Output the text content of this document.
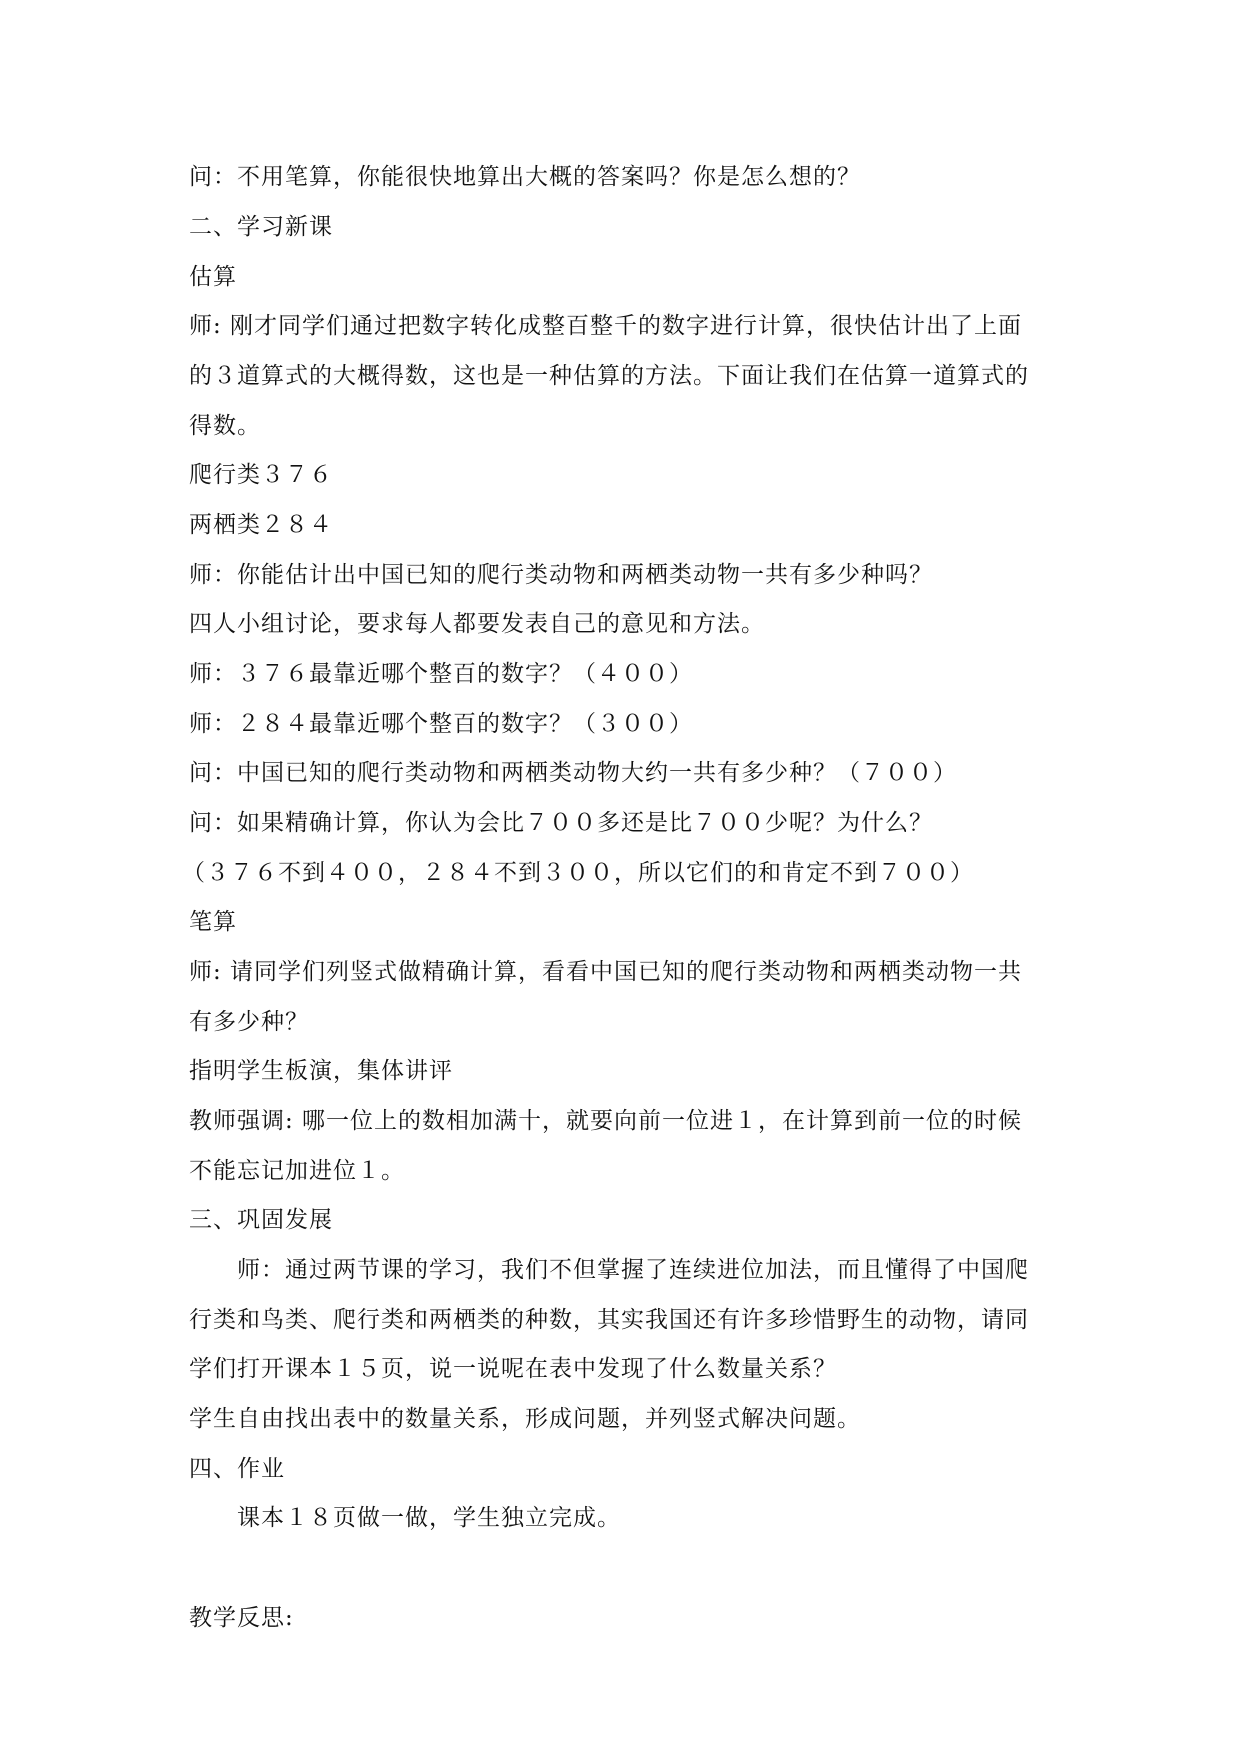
问：不用笔算，你能很快地算出大概的答案吗？你是怎么想的？
二、学习新课
估算
师: 刚才同学们通过把数字转化成整百整千的数字进行计算，很快估计出了上面
的３道算式的大概得数，这也是一种估算的方法。下面让我们在估算一道算式的
得数。
爬行类３７６
两栖类２８４
师：你能估计出中国已知的爬行类动物和两栖类动物一共有多少种吗？
四人小组讨论，要求每人都要发表自己的意见和方法。
师：３７６最靠近哪个整百的数字？（４００）
师：２８４最靠近哪个整百的数字？（３００）
问：中国已知的爬行类动物和两栖类动物大约一共有多少种？（７００）
问：如果精确计算，你认为会比７００多还是比７００少呢？为什么？
（３７６不到４００，２８４不到３００，所以它们的和肯定不到７００）
笔算
师: 请同学们列竖式做精确计算，看看中国已知的爬行类动物和两栖类动物一共
有多少种？
指明学生板演，集体讲评
教师强调: 哪一位上的数相加满十，就要向前一位进１，在计算到前一位的时候
不能忘记加进位１。
三、巩固发展
师：通过两节课的学习，我们不但掌握了连续进位加法，而且懂得了中国爬
行类和鸟类、爬行类和两栖类的种数，其实我国还有许多珍惜野生的动物，请同
学们打开课本１５页，说一说呢在表中发现了什么数量关系？
学生自由找出表中的数量关系，形成问题，并列竖式解决问题。
四、作业
课本１８页做一做，学生独立完成。
教学反思:
